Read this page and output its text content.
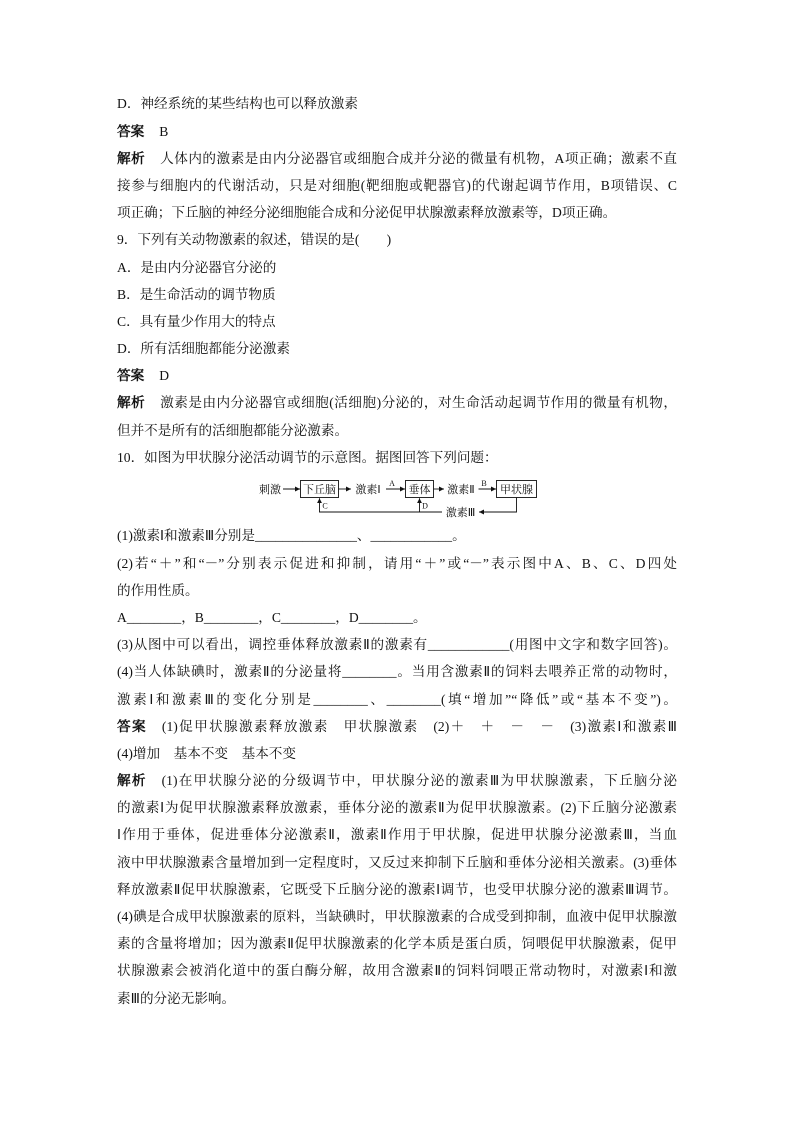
D．神经系统的某些结构也可以释放激素
答案 B
解析 人体内的激素是由内分泌器官或细胞合成并分泌的微量有机物，A项正确；激素不直
接参与细胞内的代谢活动，只是对细胞(靶细胞或靶器官)的代谢起调节作用，B项错误、C
项正确；下丘脑的神经分泌细胞能合成和分泌促甲状腺激素释放激素等，D项正确。
9．下列有关动物激素的叙述，错误的是(　　)
A．是由内分泌器官分泌的
B．是生命活动的调节物质
C．具有量少作用大的特点
D．所有活细胞都能分泌激素
答案 D
解析 激素是由内分泌器官或细胞(活细胞)分泌的，对生命活动起调节作用的微量有机物，
但并不是所有的活细胞都能分泌激素。
10．如图为甲状腺分泌活动调节的示意图。据图回答下列问题：
刺激 下丘脑 激素Ⅰ
A
垂体 激素Ⅱ
B
甲状腺
激素Ⅲ
C	D
(1)激素Ⅰ和激素Ⅲ分别是_______________、____________。
(2)若“＋”和“－”分别表示促进和抑制，请用“＋”或“－”表示图中A、B、C、D四处
的作用性质。
A________，B________，C________，D________。
(3)从图中可以看出，调控垂体释放激素Ⅱ的激素有____________(用图中文字和数字回答)。
(4)当人体缺碘时，激素Ⅱ的分泌量将________。当用含激素Ⅱ的饲料去喂养正常的动物时，
激素Ⅰ和激素Ⅲ的变化分别是________、________(填“增加”“降低”或“基本不变”)。
答案 (1)促甲状腺激素释放激素　甲状腺激素　(2)＋　＋　－　－　(3)激素Ⅰ和激素Ⅲ
(4)增加　基本不变　基本不变
解析 (1)在甲状腺分泌的分级调节中，甲状腺分泌的激素Ⅲ为甲状腺激素，下丘脑分泌
的激素Ⅰ为促甲状腺激素释放激素，垂体分泌的激素Ⅱ为促甲状腺激素。(2)下丘脑分泌激素
Ⅰ作用于垂体，促进垂体分泌激素Ⅱ，激素Ⅱ作用于甲状腺，促进甲状腺分泌激素Ⅲ，当血
液中甲状腺激素含量增加到一定程度时，又反过来抑制下丘脑和垂体分泌相关激素。(3)垂体
释放激素Ⅱ促甲状腺激素，它既受下丘脑分泌的激素Ⅰ调节，也受甲状腺分泌的激素Ⅲ调节。
(4)碘是合成甲状腺激素的原料，当缺碘时，甲状腺激素的合成受到抑制，血液中促甲状腺激
素的含量将增加；因为激素Ⅱ促甲状腺激素的化学本质是蛋白质，饲喂促甲状腺激素，促甲
状腺激素会被消化道中的蛋白酶分解，故用含激素Ⅱ的饲料饲喂正常动物时，对激素Ⅰ和激
素Ⅲ的分泌无影响。
